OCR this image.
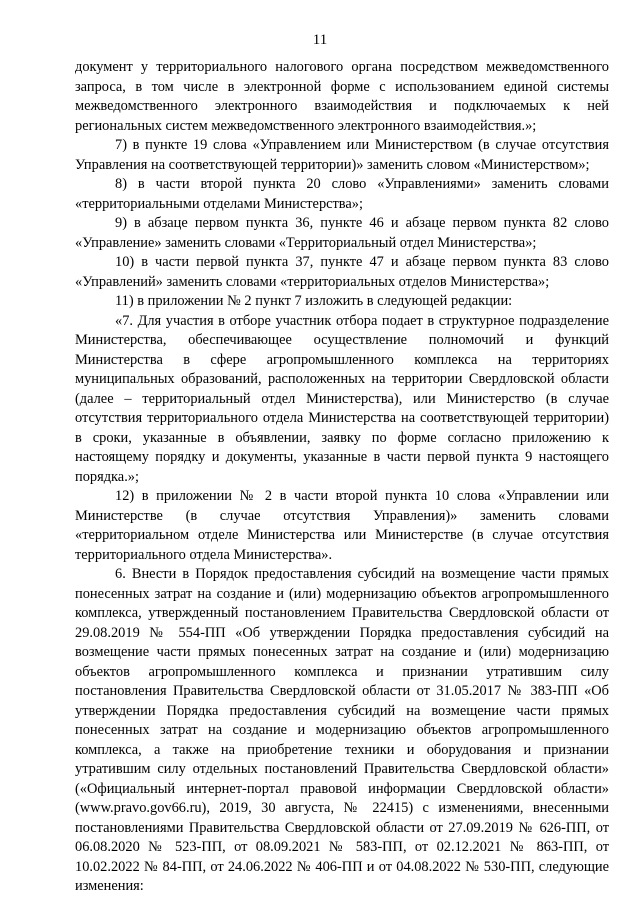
11

документ у территориального налогового органа посредством межведомственного запроса, в том числе в электронной форме с использованием единой системы межведомственного электронного взаимодействия и подключаемых к ней региональных систем межведомственного электронного взаимодействия.»;

7) в пункте 19 слова «Управлением или Министерством (в случае отсутствия Управления на соответствующей территории)» заменить словом «Министерством»;

8) в части второй пункта 20 слово «Управлениями» заменить словами «территориальными отделами Министерства»;

9) в абзаце первом пункта 36, пункте 46 и абзаце первом пункта 82 слово «Управление» заменить словами «Территориальный отдел Министерства»;

10) в части первой пункта 37, пункте 47 и абзаце первом пункта 83 слово «Управлений» заменить словами «территориальных отделов Министерства»;

11) в приложении № 2 пункт 7 изложить в следующей редакции:

«7. Для участия в отборе участник отбора подает в структурное подразделение Министерства, обеспечивающее осуществление полномочий и функций Министерства в сфере агропромышленного комплекса на территориях муниципальных образований, расположенных на территории Свердловской области (далее – территориальный отдел Министерства), или Министерство (в случае отсутствия территориального отдела Министерства на соответствующей территории) в сроки, указанные в объявлении, заявку по форме согласно приложению к настоящему порядку и документы, указанные в части первой пункта 9 настоящего порядка.»;

12) в приложении № 2 в части второй пункта 10 слова «Управлении или Министерстве (в случае отсутствия Управления)» заменить словами «территориальном отделе Министерства или Министерстве (в случае отсутствия территориального отдела Министерства».

6. Внести в Порядок предоставления субсидий на возмещение части прямых понесенных затрат на создание и (или) модернизацию объектов агропромышленного комплекса, утвержденный постановлением Правительства Свердловской области от 29.08.2019 № 554-ПП «Об утверждении Порядка предоставления субсидий на возмещение части прямых понесенных затрат на создание и (или) модернизацию объектов агропромышленного комплекса и признании утратившим силу постановления Правительства Свердловской области от 31.05.2017 № 383-ПП «Об утверждении Порядка предоставления субсидий на возмещение части прямых понесенных затрат на создание и модернизацию объектов агропромышленного комплекса, а также на приобретение техники и оборудования и признании утратившим силу отдельных постановлений Правительства Свердловской области» («Официальный интернет-портал правовой информации Свердловской области» (www.pravo.gov66.ru), 2019, 30 августа, № 22415) с изменениями, внесенными постановлениями Правительства Свердловской области от 27.09.2019 № 626-ПП, от 06.08.2020 № 523-ПП, от 08.09.2021 № 583-ПП, от 02.12.2021 № 863-ПП, от 10.02.2022 № 84-ПП, от 24.06.2022 № 406-ПП и от 04.08.2022 № 530-ПП, следующие изменения:
